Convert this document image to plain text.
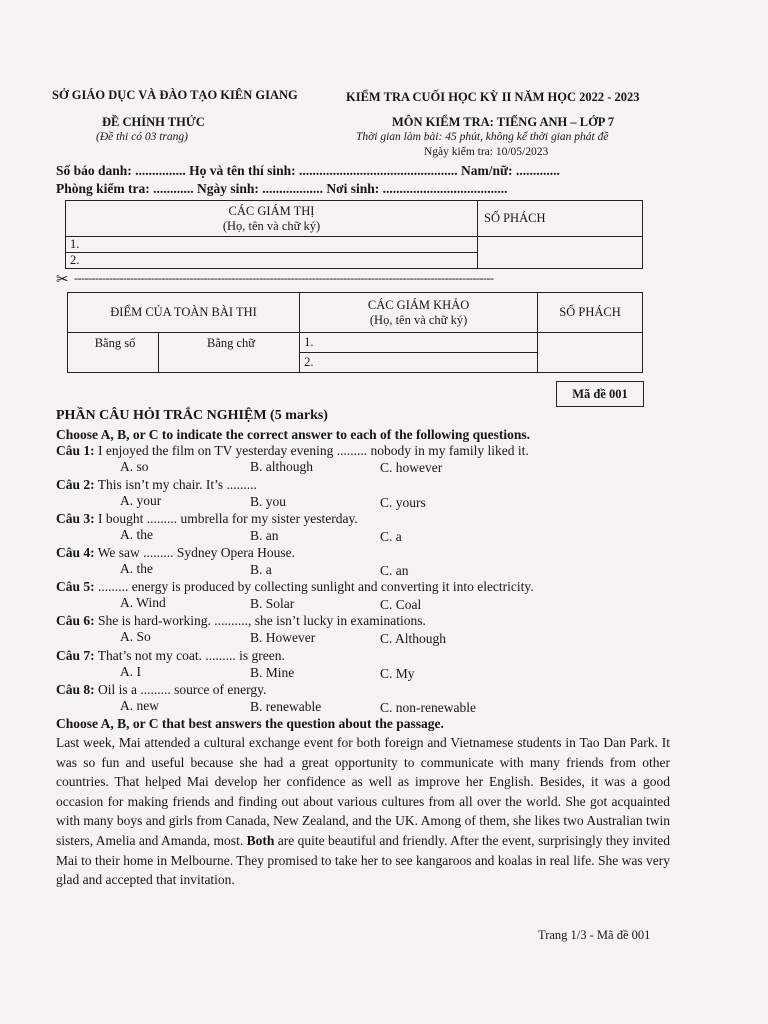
SỞ GIÁO DỤC VÀ ĐÀO TẠO KIÊN GIANG
ĐỀ CHÍNH THỨC
(Đề thi có 03 trang)
KIỂM TRA CUỐI HỌC KỲ II NĂM HỌC 2022 - 2023
MÔN KIỂM TRA: TIẾNG ANH – LỚP 7
Thời gian làm bài: 45 phút, không kể thời gian phát đề
Ngày kiểm tra: 10/05/2023
Số báo danh: ............... Họ và tên thí sinh: ............................................... Nam/nữ: .............
Phòng kiểm tra: ............ Ngày sinh: .................. Nơi sinh: .....................................
CÁC GIÁM THỊ
(Họ, tên và chữ ký)	SỐ PHÁCH
1.	
2.	
✂ ------------------------------------------------------------------------------------------------------------------------
ĐIỂM CỦA TOÀN BÀI THI		CÁC GIÁM KHẢO
(Họ, tên và chữ ký)	SỐ PHÁCH
Bằng số	Bằng chữ	1.	
		2.	
Mã đề 001
PHẦN CÂU HỎI TRẮC NGHIỆM (5 marks)
Choose A, B, or C to indicate the correct answer to each of the following questions.
Câu 1: I enjoyed the film on TV yesterday evening ......... nobody in my family liked it.
A. so	B. although	C. however
Câu 2: This isn’t my chair. It’s .........
A. your	B. you	C. yours
Câu 3: I bought ......... umbrella for my sister yesterday.
A. the	B. an	C. a
Câu 4: We saw ......... Sydney Opera House.
A. the	B. a	C. an
Câu 5: ......... energy is produced by collecting sunlight and converting it into electricity.
A. Wind	B. Solar	C. Coal
Câu 6: She is hard-working. .........., she isn’t lucky in examinations.
A. So	B. However	C. Although
Câu 7: That’s not my coat. ......... is green.
A. I	B. Mine	C. My
Câu 8: Oil is a ......... source of energy.
A. new	B. renewable	C. non-renewable
Choose A, B, or C that best answers the question about the passage.
Last week, Mai attended a cultural exchange event for both foreign and Vietnamese students in Tao Dan Park. It was so fun and useful because she had a great opportunity to communicate with many friends from other countries. That helped Mai develop her confidence as well as improve her English. Besides, it was a good occasion for making friends and finding out about various cultures from all over the world. She got acquainted with many boys and girls from Canada, New Zealand, and the UK. Among of them, she likes two Australian twin sisters, Amelia and Amanda, most. Both are quite beautiful and friendly. After the event, surprisingly they invited Mai to their home in Melbourne. They promised to take her to see kangaroos and koalas in real life. She was very glad and accepted that invitation.
Trang 1/3 - Mã đề 001
